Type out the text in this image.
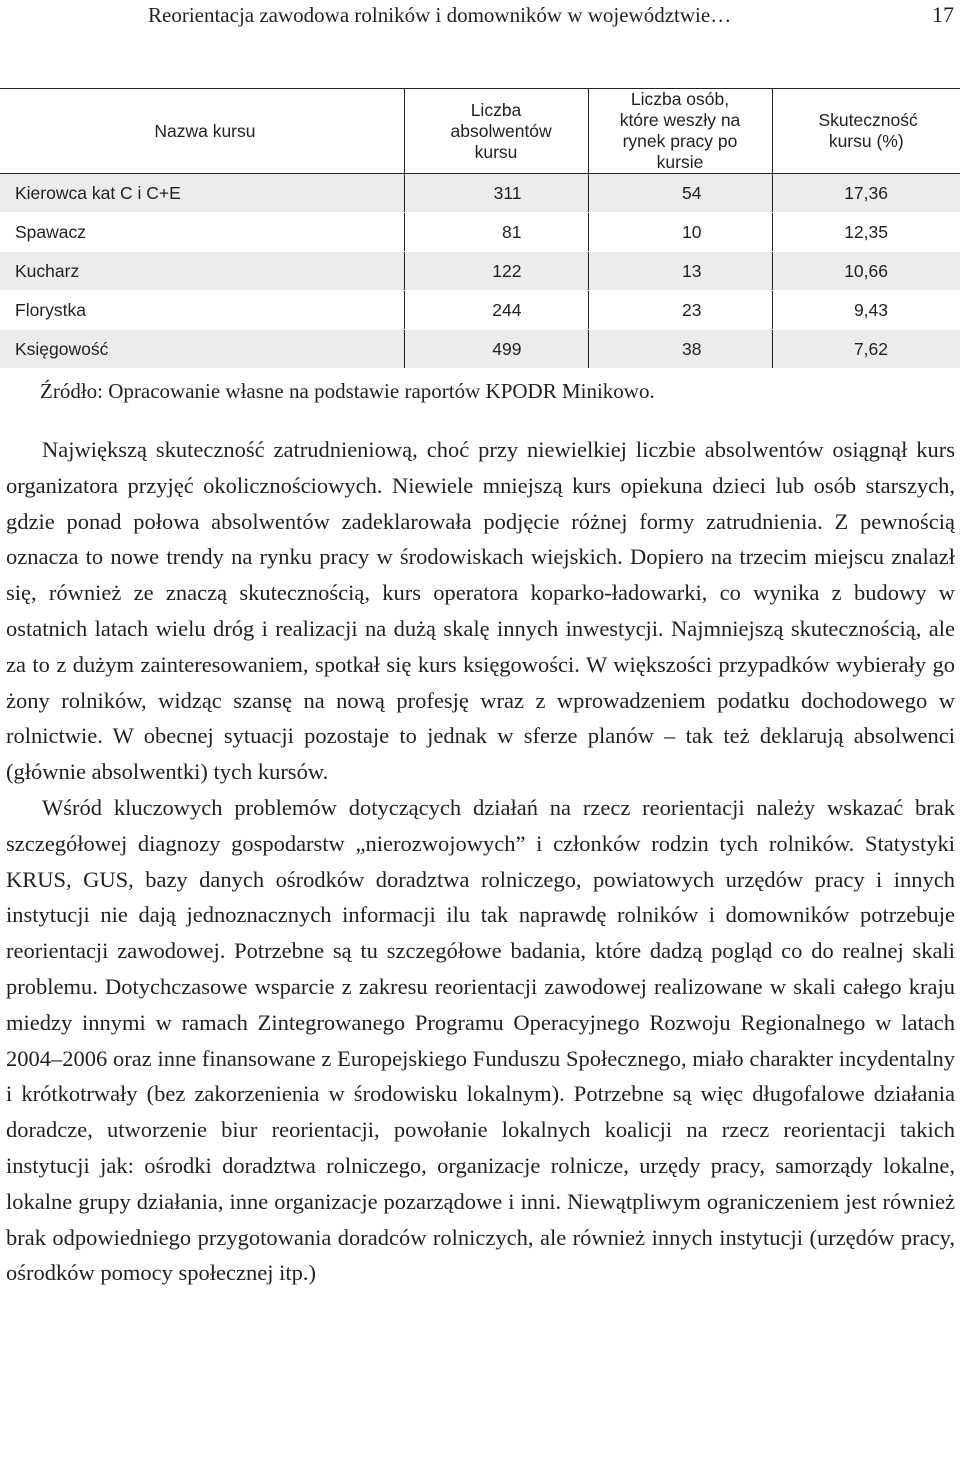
Reorientacja zawodowa rolników i domowników w województwie…	17
Nazwa kursu	Liczba absolwentów kursu	Liczba osób, które weszły na rynek pracy po kursie	Skuteczność kursu (%)
Kierowca kat C i C+E	311	54	17,36
Spawacz	81	10	12,35
Kucharz	122	13	10,66
Florystka	244	23	9,43
Księgowość	499	38	7,62
Źródło: Opracowanie własne na podstawie raportów KPODR Minikowo.

Największą skuteczność zatrudnieniową, choć przy niewielkiej liczbie absolwentów osiągnął kurs organizatora przyjęć okolicznościowych. Niewiele mniejszą kurs opiekuna dzieci lub osób starszych, gdzie ponad połowa absolwentów zadeklarowała podjęcie różnej formy zatrudnienia. Z pewnością oznacza to nowe trendy na rynku pracy w środowiskach wiejskich. Dopiero na trzecim miejscu znalazł się, również ze znaczą skutecznością, kurs operatora koparko-ładowarki, co wynika z budowy w ostatnich latach wielu dróg i realizacji na dużą skalę innych inwestycji. Najmniejszą skutecznością, ale za to z dużym zainteresowaniem, spotkał się kurs księgowości. W większości przypadków wybierały go żony rolników, widząc szansę na nową profesję wraz z wprowadzeniem podatku dochodowego w rolnictwie. W obecnej sytuacji pozostaje to jednak w sferze planów – tak też deklarują absolwenci (głównie absolwentki) tych kursów.

Wśród kluczowych problemów dotyczących działań na rzecz reorientacji należy wskazać brak szczegółowej diagnozy gospodarstw „nierozwojowych” i członków rodzin tych rolników. Statystyki KRUS, GUS, bazy danych ośrodków doradztwa rolniczego, powiatowych urzędów pracy i innych instytucji nie dają jednoznacznych informacji ilu tak naprawdę rolników i domowników potrzebuje reorientacji zawodowej. Potrzebne są tu szczegółowe badania, które dadzą pogląd co do realnej skali problemu. Dotychczasowe wsparcie z zakresu reorientacji zawodowej realizowane w skali całego kraju miedzy innymi w ramach Zintegrowanego Programu Operacyjnego Rozwoju Regionalnego w latach 2004–2006 oraz inne finansowane z Europejskiego Funduszu Społecznego, miało charakter incydentalny i krótkotrwały (bez zakorzenienia w środowisku lokalnym). Potrzebne są więc długofalowe działania doradcze, utworzenie biur reorientacji, powołanie lokalnych koalicji na rzecz reorientacji takich instytucji jak: ośrodki doradztwa rolniczego, organizacje rolnicze, urzędy pracy, samorządy lokalne, lokalne grupy działania, inne organizacje pozarządowe i inni. Niewątpliwym ograniczeniem jest również brak odpowiedniego przygotowania doradców rolniczych, ale również innych instytucji (urzędów pracy, ośrodków pomocy społecznej itp.)
